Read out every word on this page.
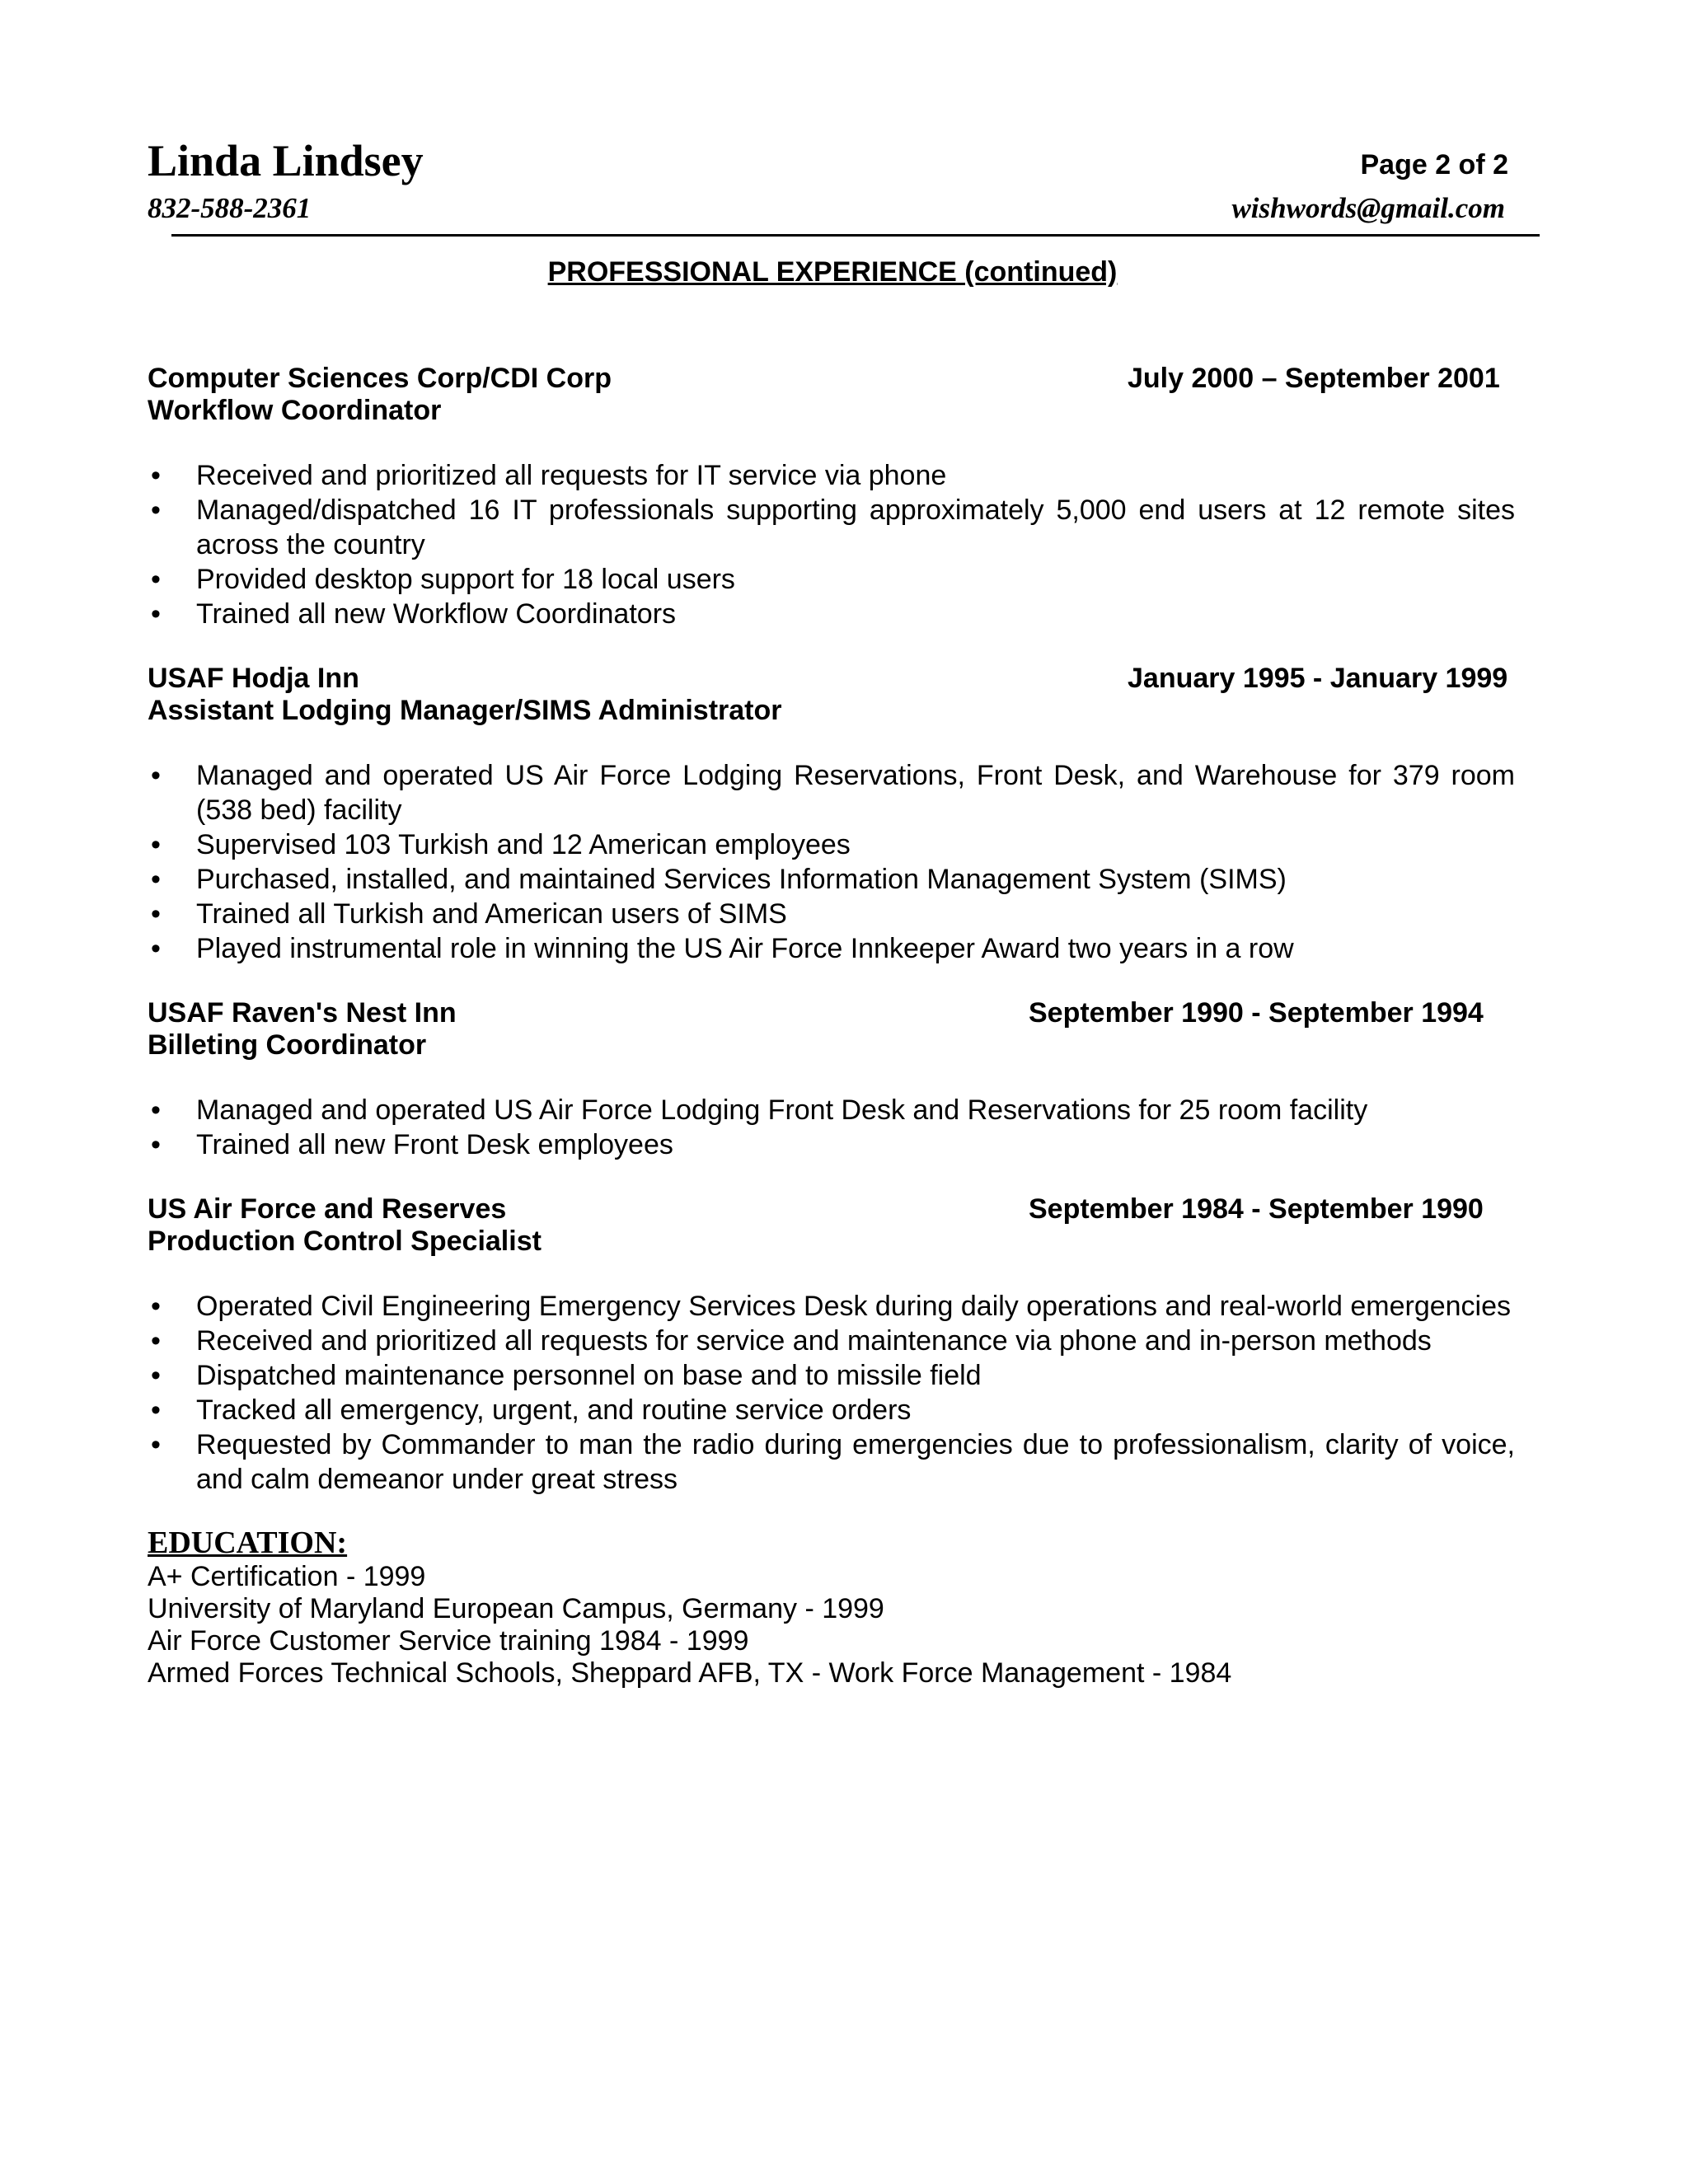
Linda Lindsey	Page 2 of 2
832-588-2361	wishwords@gmail.com
PROFESSIONAL EXPERIENCE (continued)
Computer Sciences Corp/CDI Corp	July 2000 – September 2001
Workflow Coordinator
• Received and prioritized all requests for IT service via phone
• Managed/dispatched 16 IT professionals supporting approximately 5,000 end users at 12 remote sites across the country
• Provided desktop support for 18 local users
• Trained all new Workflow Coordinators
USAF Hodja Inn	January 1995 - January 1999
Assistant Lodging Manager/SIMS Administrator
• Managed and operated US Air Force Lodging Reservations, Front Desk, and Warehouse for 379 room (538 bed) facility
• Supervised 103 Turkish and 12 American employees
• Purchased, installed, and maintained Services Information Management System (SIMS)
• Trained all Turkish and American users of SIMS
• Played instrumental role in winning the US Air Force Innkeeper Award two years in a row
USAF Raven's Nest Inn	September 1990 - September 1994
Billeting Coordinator
• Managed and operated US Air Force Lodging Front Desk and Reservations for 25 room facility
• Trained all new Front Desk employees
US Air Force and Reserves	September 1984 - September 1990
Production Control Specialist
• Operated Civil Engineering Emergency Services Desk during daily operations and real-world emergencies
• Received and prioritized all requests for service and maintenance via phone and in-person methods
• Dispatched maintenance personnel on base and to missile field
• Tracked all emergency, urgent, and routine service orders
• Requested by Commander to man the radio during emergencies due to professionalism, clarity of voice, and calm demeanor under great stress
EDUCATION:
A+ Certification - 1999
University of Maryland European Campus, Germany - 1999
Air Force Customer Service training 1984 - 1999
Armed Forces Technical Schools, Sheppard AFB, TX - Work Force Management - 1984
